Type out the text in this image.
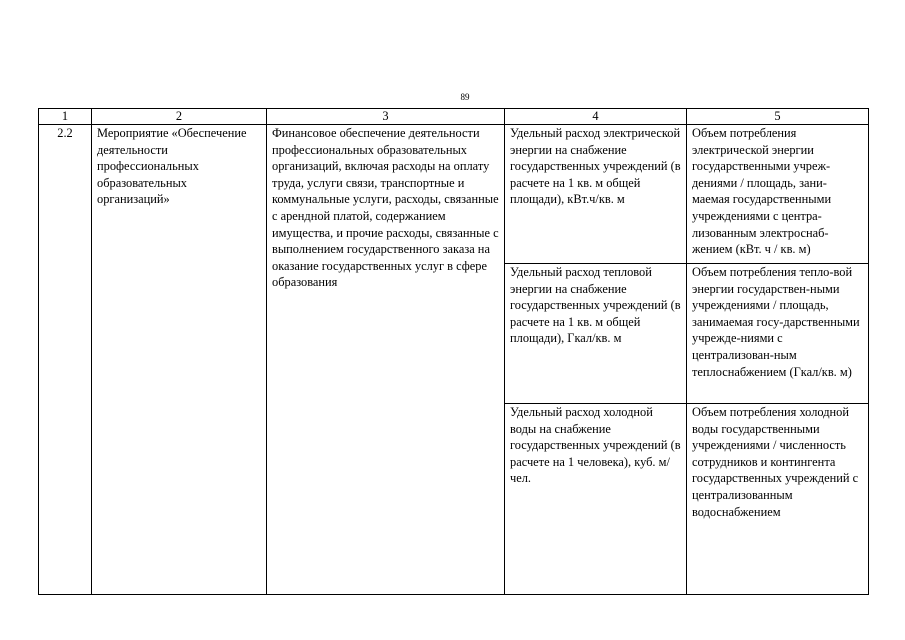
89
1	2	3	4	5
2.2	Мероприятие «Обеспечение деятельности профессиональных образовательных организаций»	Финансовое обеспечение деятельности профессиональных образовательных организаций, включая расходы на оплату труда, услуги связи, транспортные и коммунальные услуги, расходы, связанные с арендной платой, содержанием имущества, и прочие расходы, связанные с выполнением государственного заказа на оказание государственных услуг в сфере образования	Удельный расход электрической энергии на снабжение государственных учреждений (в расчете на 1 кв. м общей площади), кВт.ч/кв. м	Объем потребления электрической энергии государственными учреж-дениями / площадь, зани-маемая государственными учреждениями с центра-лизованным электроснаб-жением (кВт. ч / кв. м)

			Удельный расход тепловой энергии на снабжение государственных учреждений (в расчете на 1 кв. м общей площади), Гкал/кв. м	Объем потребления тепло-вой энергии государствен-ными учреждениями / площадь, занимаемая госу-дарственными учрежде-ниями с централизован-ным теплоснабжением (Гкал/кв. м)

			Удельный расход холодной воды на снабжение государственных учреждений (в расчете на 1 человека), куб. м/чел.	Объем потребления холодной воды государственными учреждениями / численность сотрудников и контингента государственных учреждений с централизованным водоснабжением
